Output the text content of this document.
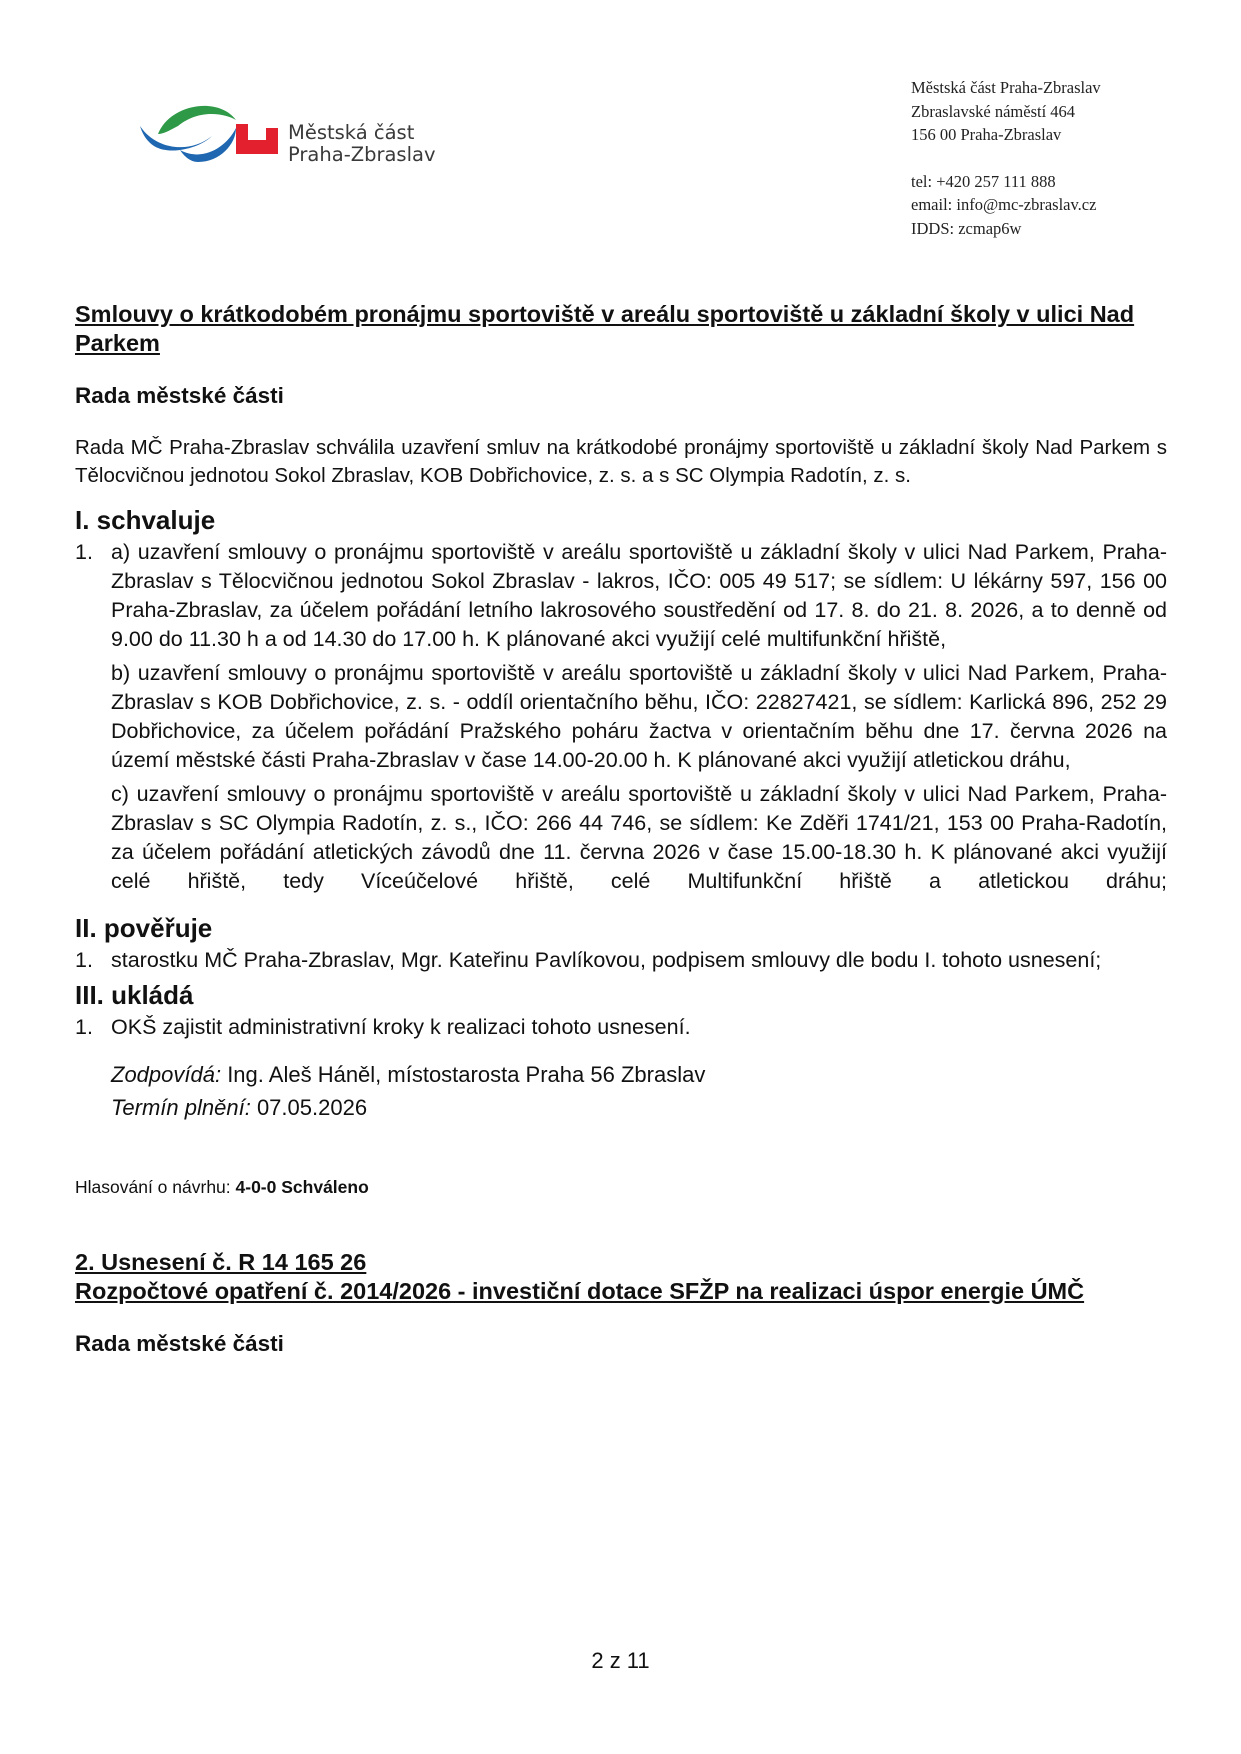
Městská část
Praha-Zbraslav
Městská část Praha-Zbraslav
Zbraslavské náměstí 464
156 00 Praha-Zbraslav
tel: +420 257 111 888
email: info@mc-zbraslav.cz
IDDS: zcmap6w

Smlouvy o krátkodobém pronájmu sportoviště v areálu sportoviště u základní školy v ulici Nad Parkem

Rada městské části

Rada MČ Praha-Zbraslav schválila uzavření smluv na krátkodobé pronájmy sportoviště u základní školy Nad Parkem s Tělocvičnou jednotou Sokol Zbraslav, KOB Dobřichovice, z. s. a s SC Olympia Radotín, z. s.

I. schvaluje

1. a) uzavření smlouvy o pronájmu sportoviště v areálu sportoviště u základní školy v ulici Nad Parkem, Praha-Zbraslav s Tělocvičnou jednotou Sokol Zbraslav - lakros, IČO: 005 49 517; se sídlem: U lékárny 597, 156 00 Praha-Zbraslav, za účelem pořádání letního lakrosového soustředění od 17. 8. do 21. 8. 2026, a to denně od 9.00 do 11.30 h a od 14.30 do 17.00 h. K plánované akci využijí celé multifunkční hřiště,
b) uzavření smlouvy o pronájmu sportoviště v areálu sportoviště u základní školy v ulici Nad Parkem, Praha-Zbraslav s KOB Dobřichovice, z. s. - oddíl orientačního běhu, IČO: 22827421, se sídlem: Karlická 896, 252 29 Dobřichovice, za účelem pořádání Pražského poháru žactva v orientačním běhu dne 17. června 2026 na území městské části Praha-Zbraslav v čase 14.00-20.00 h. K plánované akci využijí atletickou dráhu,
c) uzavření smlouvy o pronájmu sportoviště v areálu sportoviště u základní školy v ulici Nad Parkem, Praha-Zbraslav s SC Olympia Radotín, z. s., IČO: 266 44 746, se sídlem: Ke Zděři 1741/21, 153 00 Praha-Radotín, za účelem pořádání atletických závodů dne 11. června 2026 v čase 15.00-18.30 h. K plánované akci využijí celé hřiště, tedy Víceúčelové hřiště, celé Multifunkční hřiště a atletickou dráhu;

II. pověřuje

1. starostku MČ Praha-Zbraslav, Mgr. Kateřinu Pavlíkovou, podpisem smlouvy dle bodu I. tohoto usnesení;

III. ukládá

1. OKŠ zajistit administrativní kroky k realizaci tohoto usnesení.

Zodpovídá: Ing. Aleš Háněl, místostarosta Praha 56 Zbraslav

Termín plnění: 07.05.2026

Hlasování o návrhu: 4-0-0 Schváleno

2. Usnesení č. R 14 165 26

Rozpočtové opatření č. 2014/2026 - investiční dotace SFŽP na realizaci úspor energie ÚMČ

Rada městské části

2 z 11
